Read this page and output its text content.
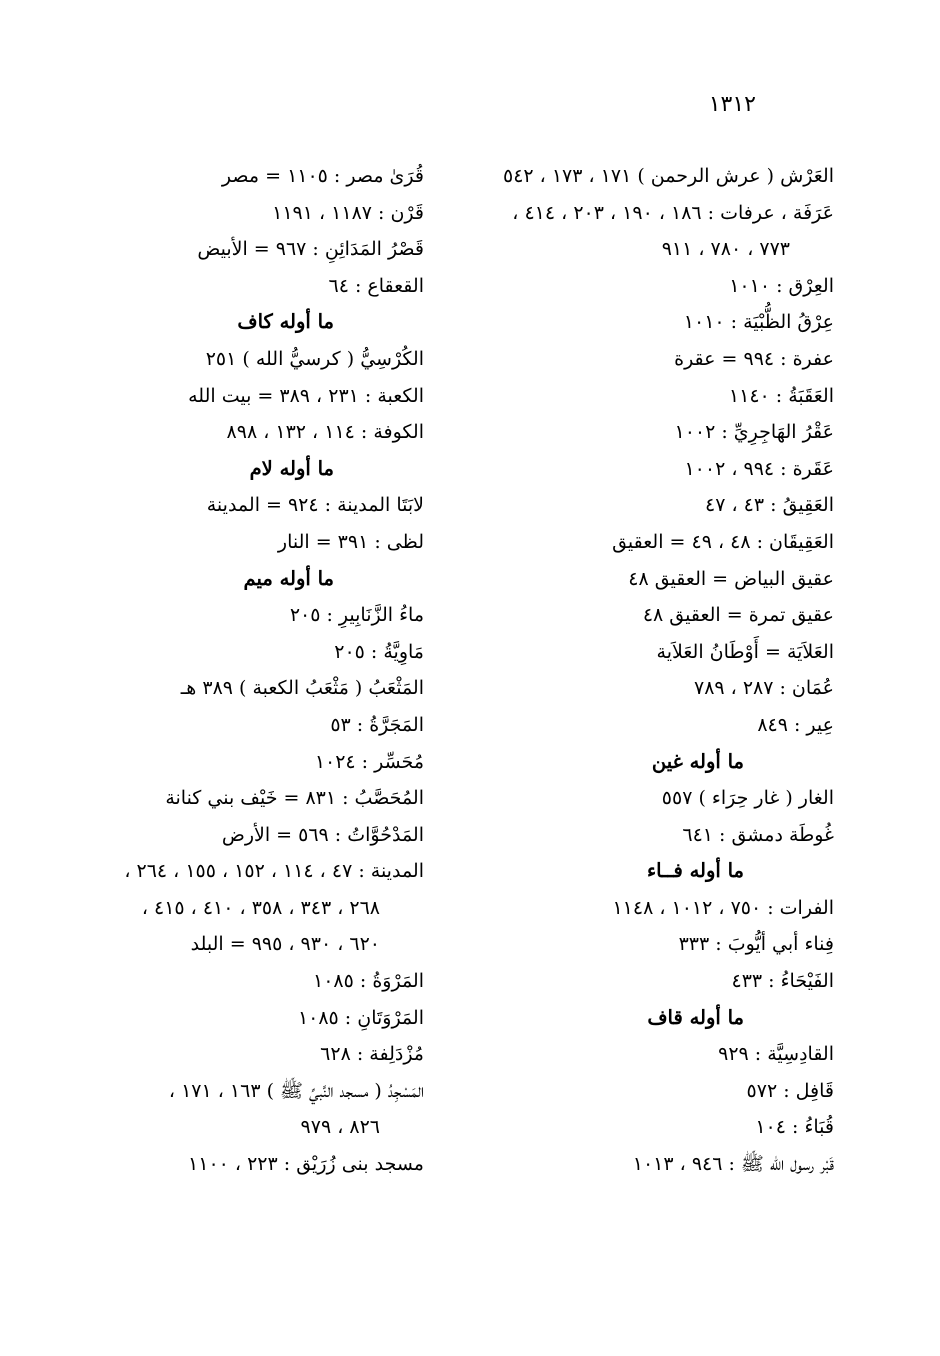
١٣١٢
العَرْش ( عرش الرحمن ) ١٧١ ، ١٧٣ ، ٥٤٢
عَرَفَة ، عرفات : ١٨٦ ، ١٩٠ ، ٢٠٣ ، ٤١٤ ،
٧٧٣ ، ٧٨٠ ، ٩١١
العِرْق : ١٠١٠
عِرْقُ الظُّبْيَة : ١٠١٠
عفرة : ٩٩٤ = عقرة
العَقَبَةُ : ١١٤٠
عَقْرُ الهَاجِرِيِّ : ١٠٠٢
عَقَرة : ٩٩٤ ، ١٠٠٢
العَقِيقُ : ٤٣ ، ٤٧
العَقِيقَان : ٤٨ ، ٤٩ = العقيق
عقيق البياض = العقيق ٤٨
عقيق تمرة = العقيق ٤٨
العَلاَيَة = أَوْطَانُ العَلاَية
عُمَان : ٢٨٧ ، ٧٨٩
عِير : ٨٤٩
ما أوله غين
الغار ( غار حِرَاء ) ٥٥٧
غُوطَة دمشق : ٦٤١
ما أوله فــاء
الفرات : ٧٥٠ ، ١٠١٢ ، ١١٤٨
فِناء أبي أيُّوبَ : ٣٣٣
الفَيْحَاءُ : ٤٣٣
ما أوله قاف
القادِسِيَّة : ٩٢٩
قَافِل : ٥٧٢
قُبَاءُ : ١٠٤
قَبْر رسول الله ﷺ : ٩٤٦ ، ١٠١٣
قُرَىٰ مصر : ١١٠٥ = مصر
قَرْن : ١١٨٧ ، ١١٩١
قَصْرُ المَدَائِنِ : ٩٦٧ = الأبيض
القعقاع : ٦٤
ما أوله كاف
الكُرْسِيُّ ( كرسيُّ الله ) ٢٥١
الكعبة : ٢٣١ ، ٣٨٩ = بيت الله
الكوفة : ١١٤ ، ١٣٢ ، ٨٩٨
ما أوله لام
لابَتَا المدينة : ٩٢٤ = المدينة
لظى : ٣٩١ = النار
ما أوله ميم
ماءُ الزَّنَابِيرِ : ٢٠٥
مَاوِيَّةُ : ٢٠٥
المَثْعَبُ ( مَثْعَبُ الكعبة ) ٣٨٩ هـ
المَجَرَّةُ : ٥٣
مُحَسِّر : ١٠٢٤
المُحَصَّبُ : ٨٣١ = خَيْف بني كنانة
المَدْحُوَّاتُ : ٥٦٩ = الأرض
المدينة : ٤٧ ، ١١٤ ، ١٥٢ ، ١٥٥ ، ٢٦٤ ،
٢٦٨ ، ٣٤٣ ، ٣٥٨ ، ٤١٠ ، ٤١٥ ،
٦٢٠ ، ٩٣٠ ، ٩٩٥ = البلد
المَرْوَةُ : ١٠٨٥
المَرْوَتَانِ : ١٠٨٥
مُزْدَلِفة : ٦٢٨
المَسْجِدُ ( مسجد النَّبيِّ ﷺ ) ١٦٣ ، ١٧١ ،
٨٢٦ ، ٩٧٩
مسجد بنى زُرَيْق : ٢٢٣ ، ١١٠٠
